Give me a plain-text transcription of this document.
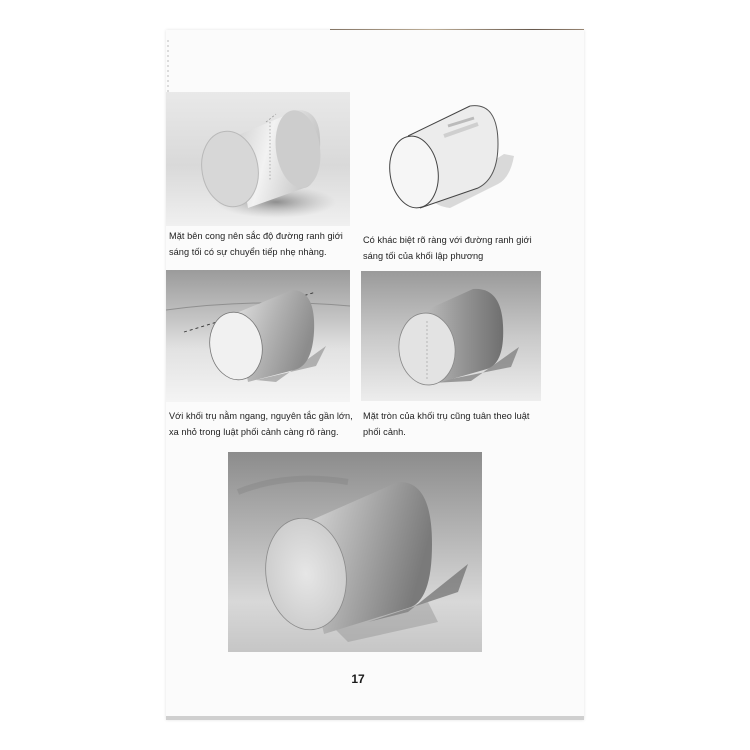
Mặt bên cong nên sắc độ đường ranh giới
sáng tối có sự chuyển tiếp nhẹ nhàng.
Có khác biệt rõ ràng với đường ranh giới
sáng tối của khối lập phương
Với khối trụ nằm ngang, nguyên tắc gần lớn,
xa nhỏ trong luật phối cảnh càng rõ ràng.
Mặt tròn của khối trụ cũng tuân theo luật
phối cảnh.
17
